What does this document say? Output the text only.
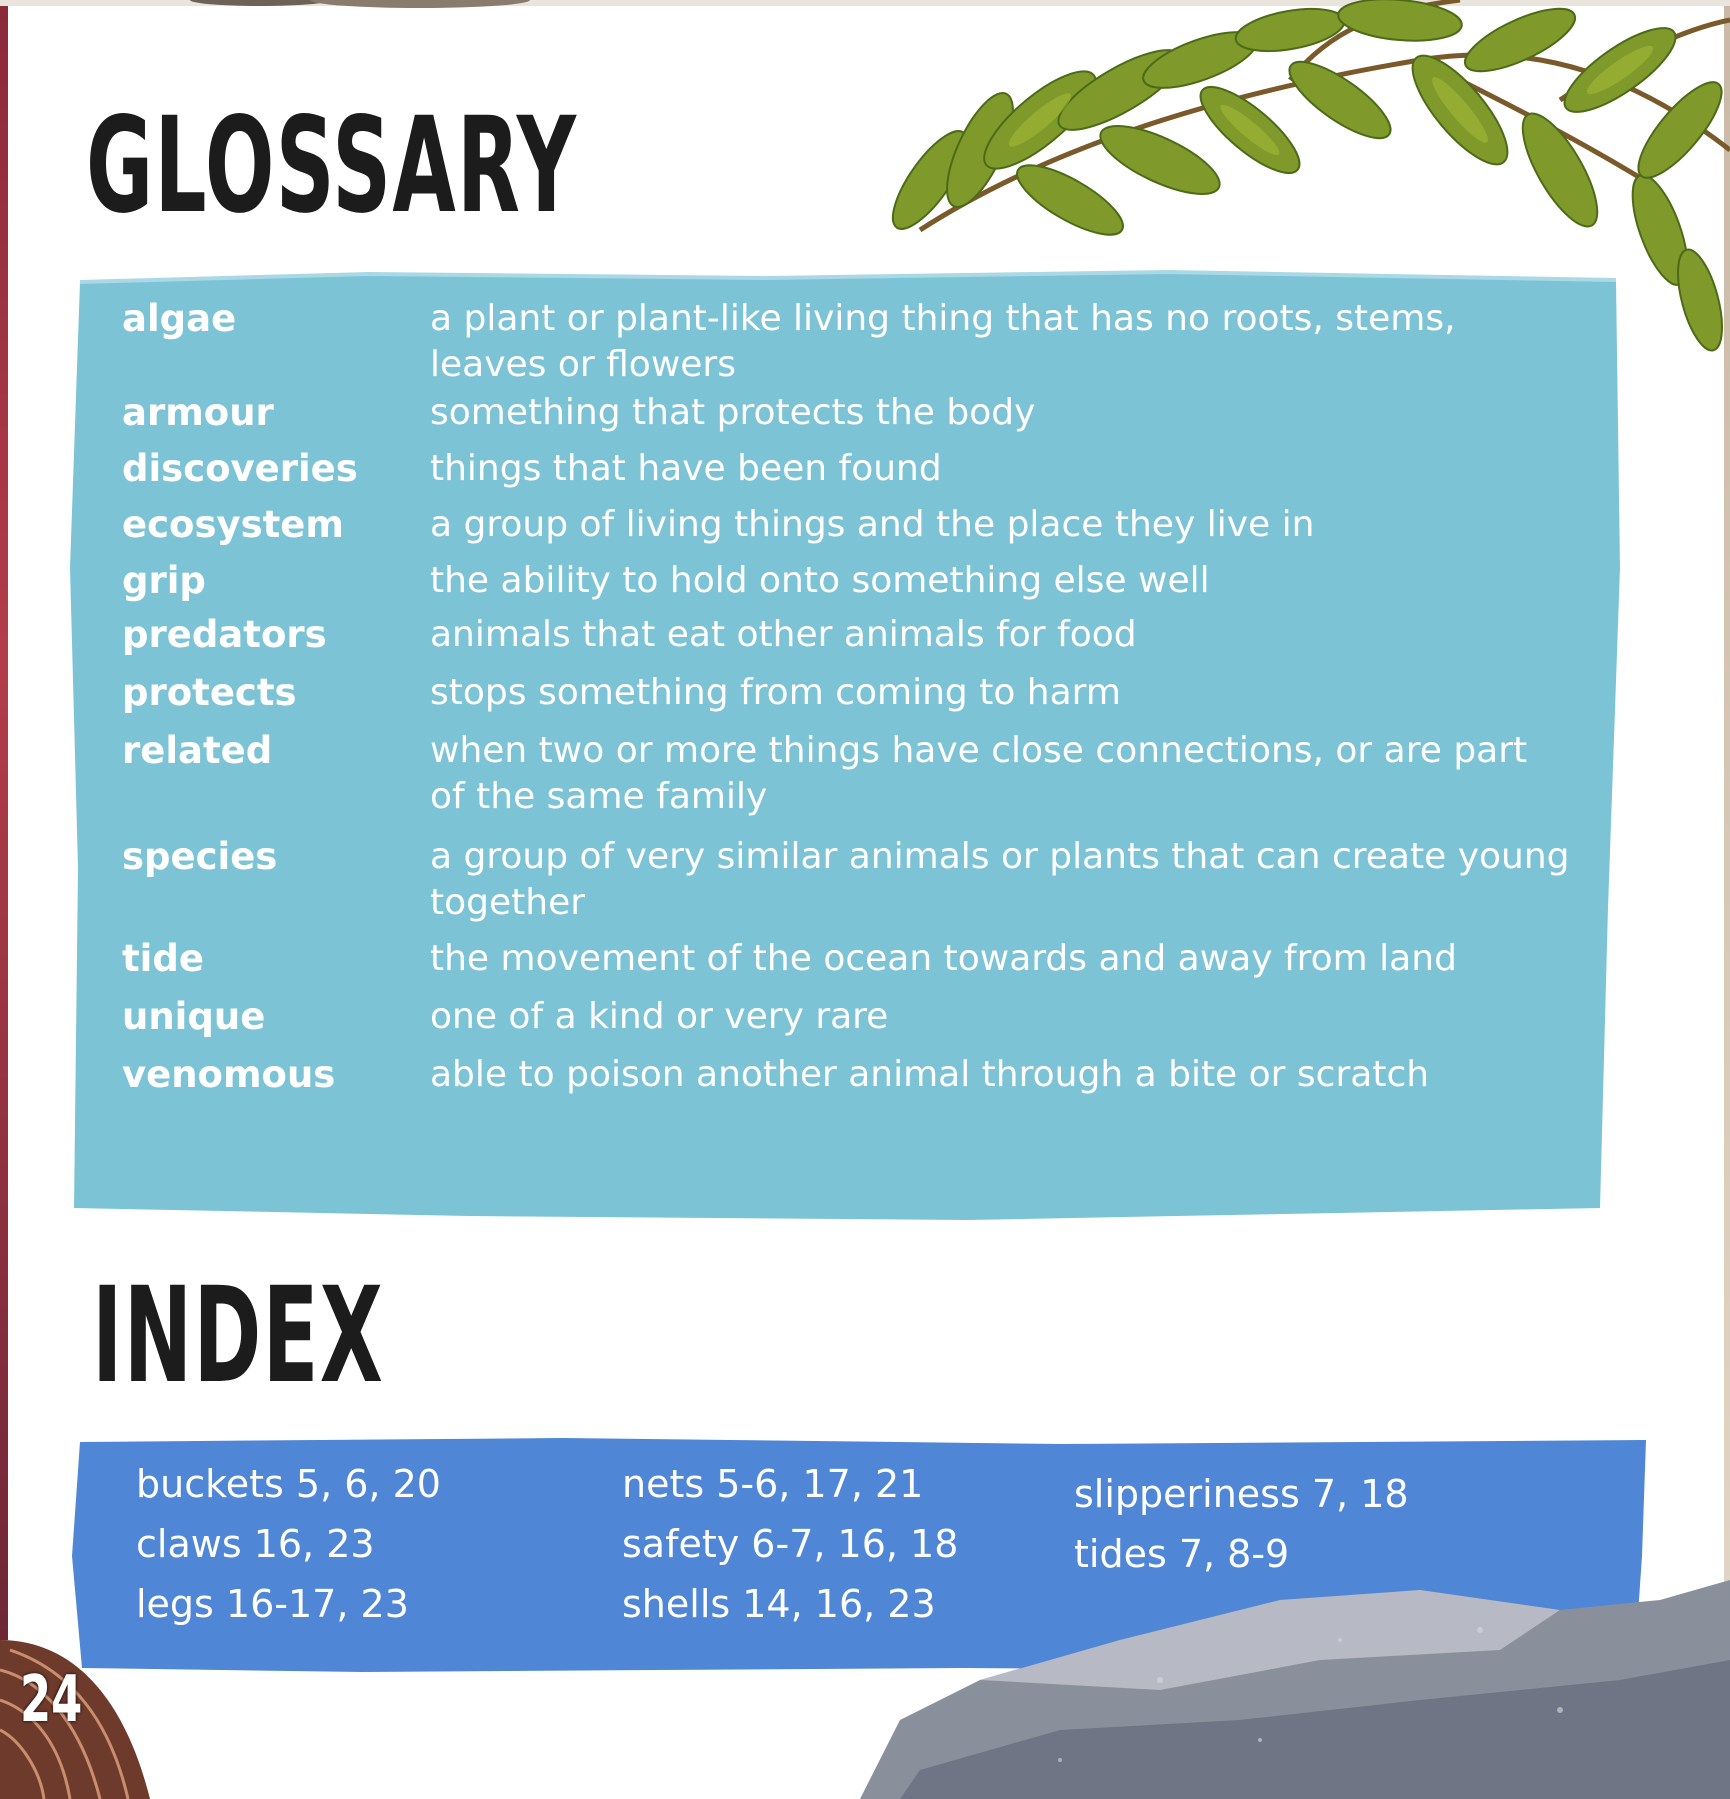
GLOSSARY
algae	a plant or plant-like living thing that has no roots, stems, leaves or flowers
armour	something that protects the body
discoveries things that have been found
ecosystem a group of living things and the place they live in
grip	the ability to hold onto something else well
predators	animals that eat other animals for food
protects	stops something from coming to harm
related	when two or more things have close connections, or are part of the same family
species	a group of very similar animals or plants that can create young together
tide	the movement of the ocean towards and away from land
unique	one of a kind or very rare
venomous	able to poison another animal through a bite or scratch
INDEX
buckets 5, 6, 20
claws 16, 23
legs 16-17, 23
nets 5-6, 17, 21
safety 6-7, 16, 18
shells 14, 16, 23
slipperiness 7, 18
tides 7, 8-9
24
